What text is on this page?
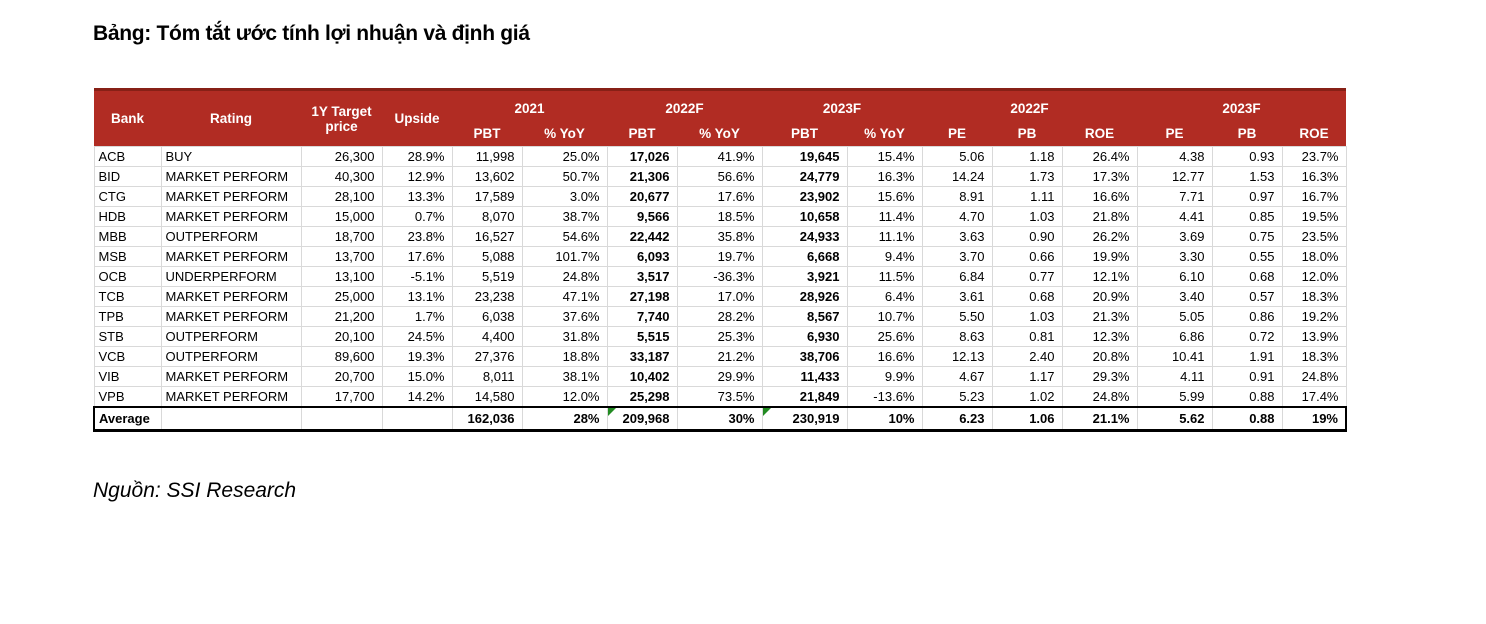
Bảng: Tóm tắt ước tính lợi nhuận và định giá
Bank	Rating	1Y Target price	Upside	2021		2022F		2023F		2022F			2023F		
				PBT	% YoY	PBT	% YoY	PBT	% YoY	PE	PB	ROE	PE	PB	ROE
ACB	BUY	26,300	28.9%	11,998	25.0%	17,026	41.9%	19,645	15.4%	5.06	1.18	26.4%	4.38	0.93	23.7%
BID	MARKET PERFORM	40,300	12.9%	13,602	50.7%	21,306	56.6%	24,779	16.3%	14.24	1.73	17.3%	12.77	1.53	16.3%
CTG	MARKET PERFORM	28,100	13.3%	17,589	3.0%	20,677	17.6%	23,902	15.6%	8.91	1.11	16.6%	7.71	0.97	16.7%
HDB	MARKET PERFORM	15,000	0.7%	8,070	38.7%	9,566	18.5%	10,658	11.4%	4.70	1.03	21.8%	4.41	0.85	19.5%
MBB	OUTPERFORM	18,700	23.8%	16,527	54.6%	22,442	35.8%	24,933	11.1%	3.63	0.90	26.2%	3.69	0.75	23.5%
MSB	MARKET PERFORM	13,700	17.6%	5,088	101.7%	6,093	19.7%	6,668	9.4%	3.70	0.66	19.9%	3.30	0.55	18.0%
OCB	UNDERPERFORM	13,100	-5.1%	5,519	24.8%	3,517	-36.3%	3,921	11.5%	6.84	0.77	12.1%	6.10	0.68	12.0%
TCB	MARKET PERFORM	25,000	13.1%	23,238	47.1%	27,198	17.0%	28,926	6.4%	3.61	0.68	20.9%	3.40	0.57	18.3%
TPB	MARKET PERFORM	21,200	1.7%	6,038	37.6%	7,740	28.2%	8,567	10.7%	5.50	1.03	21.3%	5.05	0.86	19.2%
STB	OUTPERFORM	20,100	24.5%	4,400	31.8%	5,515	25.3%	6,930	25.6%	8.63	0.81	12.3%	6.86	0.72	13.9%
VCB	OUTPERFORM	89,600	19.3%	27,376	18.8%	33,187	21.2%	38,706	16.6%	12.13	2.40	20.8%	10.41	1.91	18.3%
VIB	MARKET PERFORM	20,700	15.0%	8,011	38.1%	10,402	29.9%	11,433	9.9%	4.67	1.17	29.3%	4.11	0.91	24.8%
VPB	MARKET PERFORM	17,700	14.2%	14,580	12.0%	25,298	73.5%	21,849	-13.6%	5.23	1.02	24.8%	5.99	0.88	17.4%
Average				162,036	28%	209,968	30%	230,919	10%	6.23	1.06	21.1%	5.62	0.88	19%
Nguồn: SSI Research
